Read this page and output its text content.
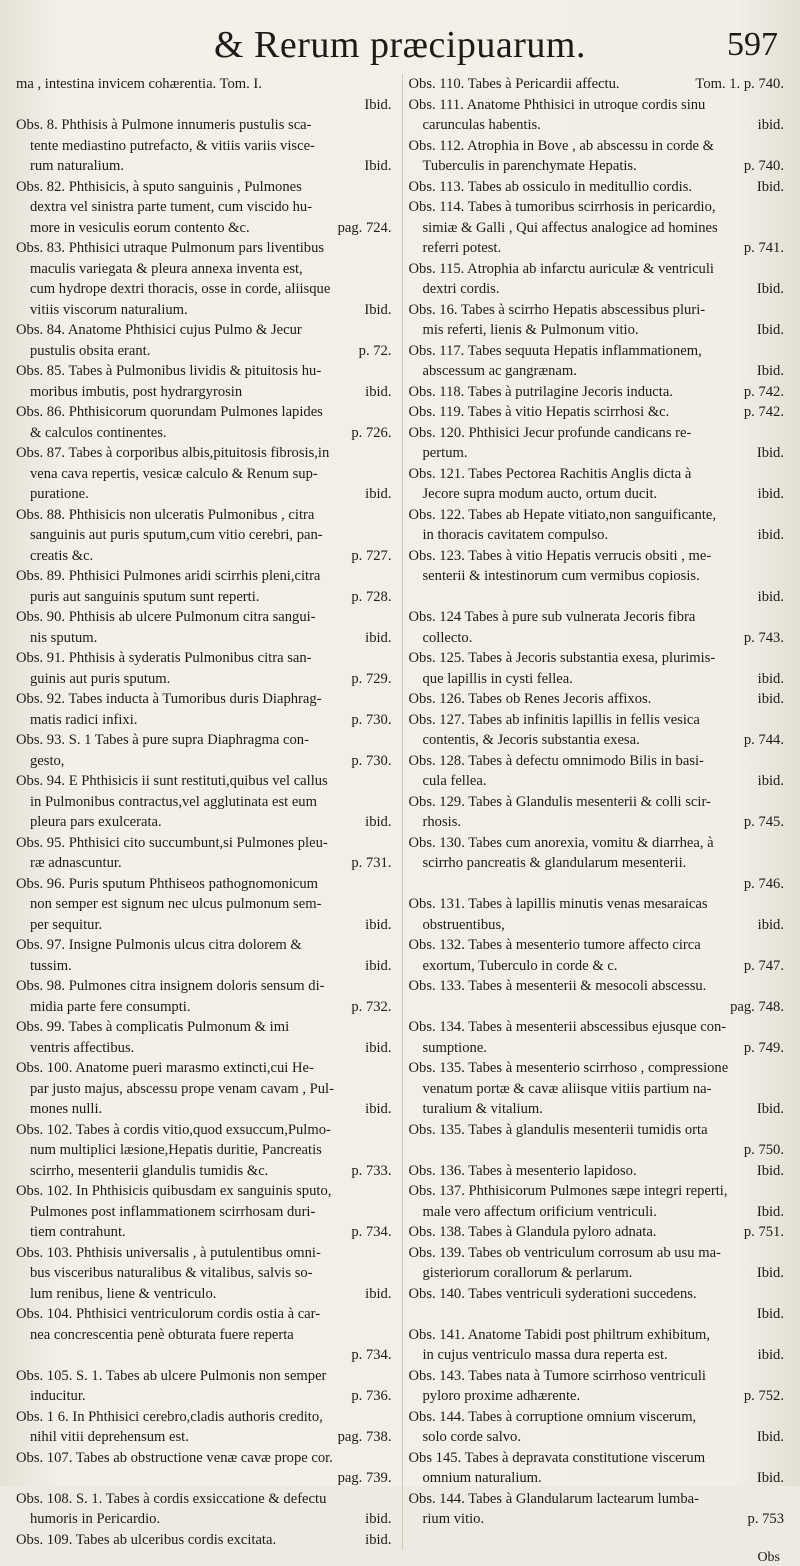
& Rerum præcipuarum.	597
ma , intestina invicem cohærentia. Tom. I.
Ibid.
Obs. 8. Phthisis à Pulmone innumeris pustulis sca-
tente mediastino putrefacto, & vitiis variis visce-
Ibid.
rum naturalium.
Obs. 82. Phthisicis, à sputo sanguinis , Pulmones
dextra vel sinistra parte tument, cum viscido hu-
pag. 724.
more in vesiculis eorum contento &c.
Obs. 83. Phthisici utraque Pulmonum pars liventibus
maculis variegata & pleura annexa inventa est,
cum hydrope dextri thoracis, osse in corde, aliisque
Ibid.
vitiis viscorum naturalium.
Obs. 84. Anatome Phthisici cujus Pulmo & Jecur
p. 72.
pustulis obsita erant.
Obs. 85. Tabes à Pulmonibus lividis & pituitosis hu-
ibid.
moribus imbutis, post hydrargyrosin
Obs. 86. Phthisicorum quorundam Pulmones lapides
p. 726.
& calculos continentes.
Obs. 87. Tabes à corporibus albis,pituitosis fibrosis,in
vena cava repertis, vesicæ calculo & Renum sup-
ibid.
puratione.
Obs. 88. Phthisicis non ulceratis Pulmonibus , citra
sanguinis aut puris sputum,cum vitio cerebri, pan-
p. 727.
creatis &c.
Obs. 89. Phthisici Pulmones aridi scirrhis pleni,citra
p. 728.
puris aut sanguinis sputum sunt reperti.
Obs. 90. Phthisis ab ulcere Pulmonum citra sangui-
ibid.
nis sputum.
Obs. 91. Phthisis à syderatis Pulmonibus citra san-
p. 729.
guinis aut puris sputum.
Obs. 92. Tabes inducta à Tumoribus duris Diaphrag-
p. 730.
matis radici infixi.
Obs. 93. S. 1 Tabes à pure supra Diaphragma con-
p. 730.
gesto,
Obs. 94. E Phthisicis ii sunt restituti,quibus vel callus
in Pulmonibus contractus,vel agglutinata est eum
ibid.
pleura pars exulcerata.
Obs. 95. Phthisici cito succumbunt,si Pulmones pleu-
p. 731.
ræ adnascuntur.
Obs. 96. Puris sputum Phthiseos pathognomonicum
non semper est signum nec ulcus pulmonum sem-
ibid.
per sequitur.
Obs. 97. Insigne Pulmonis ulcus citra dolorem &
ibid.
tussim.
Obs. 98. Pulmones citra insignem doloris sensum di-
p. 732.
midia parte fere consumpti.
Obs. 99. Tabes à complicatis Pulmonum & imi
ibid.
ventris affectibus.
Obs. 100. Anatome pueri marasmo extincti,cui He-
par justo majus, abscessu prope venam cavam , Pul-
ibid.
mones nulli.
Obs. 102. Tabes à cordis vitio,quod exsuccum,Pulmo-
num multiplici læsione,Hepatis duritie, Pancreatis
p. 733.
scirrho, mesenterii glandulis tumidis &c.
Obs. 102. In Phthisicis quibusdam ex sanguinis sputo,
Pulmones post inflammationem scirrhosam duri-
p. 734.
tiem contrahunt.
Obs. 103. Phthisis universalis , à putulentibus omni-
bus visceribus naturalibus & vitalibus, salvis so-
ibid.
lum renibus, liene & ventriculo.
Obs. 104. Phthisici ventriculorum cordis ostia à car-
nea concrescentia penè obturata fuere reperta
p. 734.
Obs. 105. S. 1. Tabes ab ulcere Pulmonis non semper
p. 736.
inducitur.
Obs. 1 6. In Phthisici cerebro,cladis authoris credito,
pag. 738.
nihil vitii deprehensum est.
Obs. 107. Tabes ab obstructione venæ cavæ prope cor.
pag. 739.
Obs. 108. S. 1. Tabes à cordis exsiccatione & defectu
ibid.
humoris in Pericardio.
ibid.
Obs. 109. Tabes ab ulceribus cordis excitata.
Tom. 1. p. 740.
Obs. 110. Tabes à Pericardii affectu.
Obs. 111. Anatome Phthisici in utroque cordis sinu
ibid.
carunculas habentis.
Obs. 112. Atrophia in Bove , ab abscessu in corde &
p. 740.
Tuberculis in parenchymate Hepatis.
Ibid.
Obs. 113. Tabes ab ossiculo in meditullio cordis.
Obs. 114. Tabes à tumoribus scirrhosis in pericardio,
simiæ & Galli , Qui affectus analogice ad homines
p. 741.
referri potest.
Obs. 115. Atrophia ab infarctu auriculæ & ventriculi
Ibid.
dextri cordis.
Obs. 16. Tabes à scirrho Hepatis abscessibus pluri-
Ibid.
mis referti, lienis & Pulmonum vitio.
Obs. 117. Tabes sequuta Hepatis inflammationem,
Ibid.
abscessum ac gangrænam.
p. 742.
Obs. 118. Tabes à putrilagine Jecoris inducta.
p. 742.
Obs. 119. Tabes à vitio Hepatis scirrhosi &c.
Obs. 120. Phthisici Jecur profunde candicans re-
Ibid.
pertum.
Obs. 121. Tabes Pectorea Rachitis Anglis dicta à
ibid.
Jecore supra modum aucto, ortum ducit.
Obs. 122. Tabes ab Hepate vitiato,non sanguificante,
ibid.
in thoracis cavitatem compulso.
Obs. 123. Tabes à vitio Hepatis verrucis obsiti , me-
senterii & intestinorum cum vermibus copiosis.
ibid.
Obs. 124 Tabes à pure sub vulnerata Jecoris fibra
p. 743.
collecto.
Obs. 125. Tabes à Jecoris substantia exesa, plurimis-
ibid.
que lapillis in cysti fellea.
ibid.
Obs. 126. Tabes ob Renes Jecoris affixos.
Obs. 127. Tabes ab infinitis lapillis in fellis vesica
p. 744.
contentis, & Jecoris substantia exesa.
Obs. 128. Tabes à defectu omnimodo Bilis in basi-
ibid.
cula fellea.
Obs. 129. Tabes à Glandulis mesenterii & colli scir-
p. 745.
rhosis.
Obs. 130. Tabes cum anorexia, vomitu & diarrhea, à
scirrho pancreatis & glandularum mesenterii.
p. 746.
Obs. 131. Tabes à lapillis minutis venas mesaraicas
ibid.
obstruentibus,
Obs. 132. Tabes à mesenterio tumore affecto circa
p. 747.
exortum, Tuberculo in corde & c.
Obs. 133. Tabes à mesenterii & mesocoli abscessu.
pag. 748.
Obs. 134. Tabes à mesenterii abscessibus ejusque con-
p. 749.
sumptione.
Obs. 135. Tabes à mesenterio scirrhoso , compressione
venatum portæ & cavæ aliisque vitiis partium na-
Ibid.
turalium & vitalium.
Obs. 135. Tabes à glandulis mesenterii tumidis orta
p. 750.
Ibid.
Obs. 136. Tabes à mesenterio lapidoso.
Obs. 137. Phthisicorum Pulmones sæpe integri reperti,
Ibid.
male vero affectum orificium ventriculi.
p. 751.
Obs. 138. Tabes à Glandula pyloro adnata.
Obs. 139. Tabes ob ventriculum corrosum ab usu ma-
Ibid.
gisteriorum corallorum & perlarum.
Obs. 140. Tabes ventriculi syderationi succedens.
Ibid.
Obs. 141. Anatome Tabidi post philtrum exhibitum,
ibid.
in cujus ventriculo massa dura reperta est.
Obs. 143. Tabes nata à Tumore scirrhoso ventriculi
p. 752.
pyloro proxime adhærente.
Obs. 144. Tabes à corruptione omnium viscerum,
Ibid.
solo corde salvo.
Obs 145. Tabes à depravata constitutione viscerum
Ibid.
omnium naturalium.
Obs. 144. Tabes à Glandularum lactearum lumba-
p. 753
rium vitio.
Obs
